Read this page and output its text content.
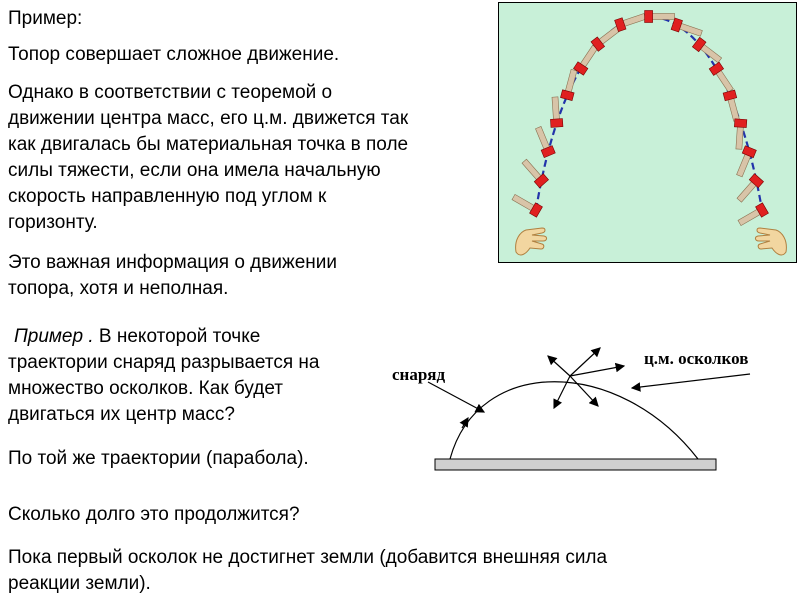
Пример:

Топор совершает сложное движение.

Однако в соответствии с теоремой о
движении центра масс, его ц.м. движется так
как двигалась бы материальная точка в поле
силы тяжести, если она имела начальную
скорость направленную под углом к
горизонту.
Это важная информация о движении
топора, хотя и неполная.
Пример . В некоторой точке
траектории снаряд разрывается на
множество осколков. Как будет
двигаться их центр масс?

По той же траектории (парабола).

Сколько долго это продолжится?

Пока первый осколок не достигнет земли (добавится внешняя сила
реакции земли).
снаряд
ц.м. осколков
